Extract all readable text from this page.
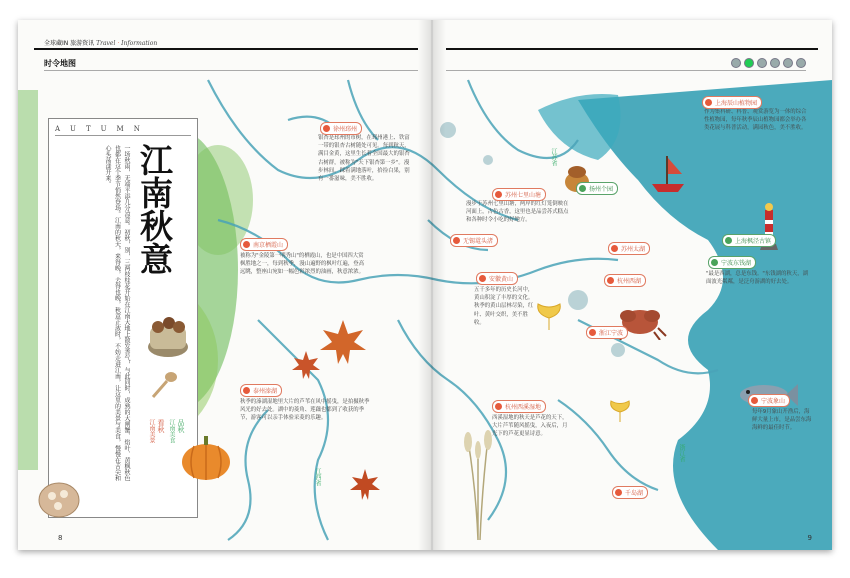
全球藏IN 旅游资讯 Travel · Information
时令地图
AUTUMN
一场秋雨，无端平添几分凉意。初秋，别，三两枝桂花开始在江南大地上散发香气，与此同时，成熟的大闸蟹、焰叶、黄枫秋色也都在这个季节悄然登场。江南的秋天，来得晚，去得也晚，秋意正浓时，不妨走进江南，让这里的美景与美食，慢慢在舌尖和心头荡漾开来。 江南秋意
品秋
江南美食
看秋
江南美景
江苏省
浙江省
江西省
徐州邳州
银杏是邳州的市树，在邳州港上、铁富一带的银杏古树随处可见。每到秋天，满目金黄，这里生长着全国最大的银杏古树群，被称为"天下银杏第一乡"。漫步林间，踩着满地落叶，拾捡白果，别有一番滋味，美不胜收。
南京栖霞山
被称为"金陵第一明秀山"的栖霞山，也是中国四大赏枫胜地之一，每到秋季，漫山遍野的枫叶红遍，登高远眺，整座山宛如一幅色彩浓烈的油画，秋意浓浓。
泰州溱湖
秋季的溱湖湿地里大片的芦苇在风中摇曳，是拍摄秋季风光的好去处。湖中的菱角、莲藕也都到了收获的季节，游客可以亲手体验采菱的乐趣。
苏州七里山塘
漫步于苏州七里山塘，两岸的红灯笼倒映在河面上，古色古香，这里也是品尝苏式糕点和各种时令小吃的好地方。
无锡鼋头渚
扬州个园
苏州太湖
上海辰山植物园
作为集科研、科普、观赏游览为一体的综合性植物园，每年秋季辰山植物园都会举办各类花展与科普活动，满园秋色，美不胜收。
上海枫泾古镇
宁波东钱湖
"最是西湖，总是东钱。"东钱湖的秋天，湖面波光粼粼，是泛舟游湖的好去处。
杭州西湖
安徽黄山
五千多年的历史长河中，黄山积淀了丰厚的文化。秋季的黄山层林尽染，红叶、黄叶交织，美不胜收。
宁波象山
每年9月象山开渔后，海鲜大量上市，是品尝东海海鲜的最佳时节。
杭州西溪湿地
西溪湿地的秋天是芦花的天下，大片芦苇随风摇曳，入夜后，月光下的芦花更显诗意。
浙江宁波
千岛湖
8	9
